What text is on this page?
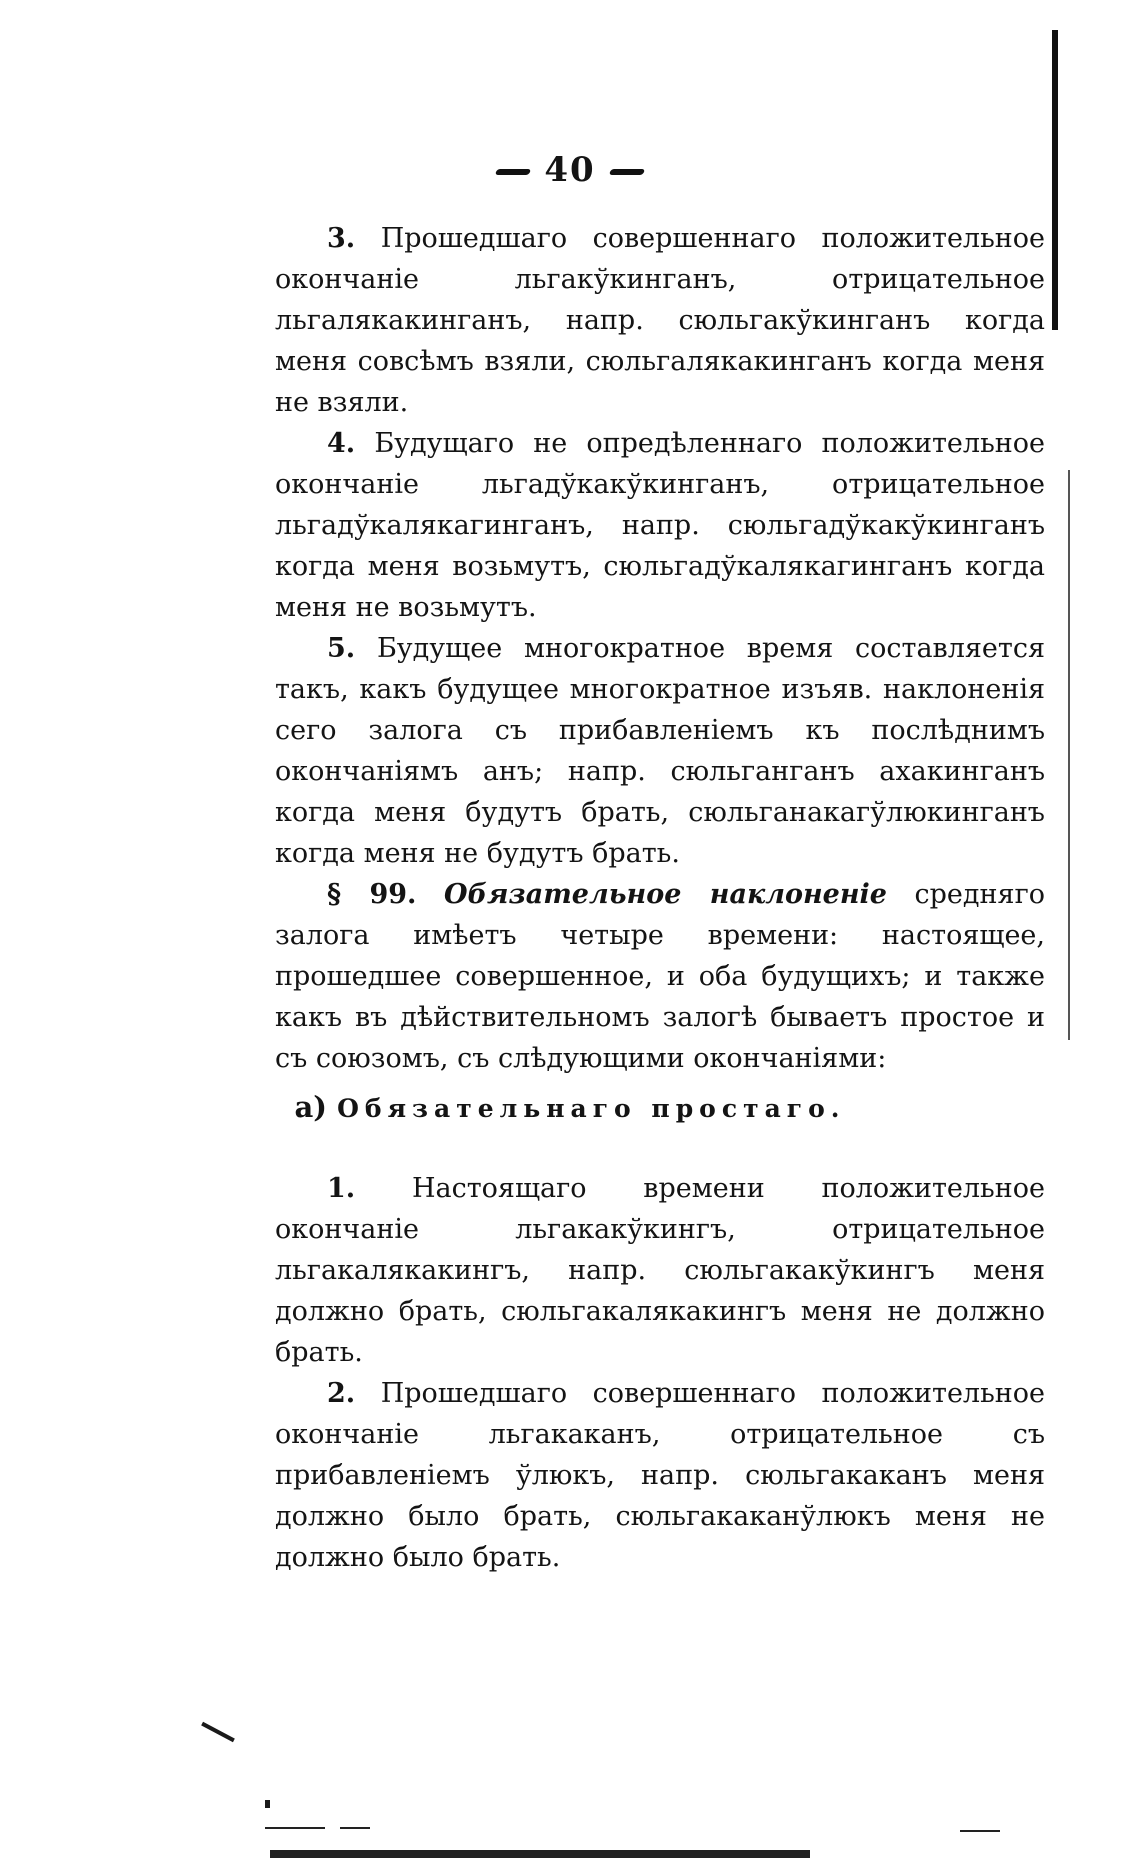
40

3. Прошедшаго совершеннаго положительное окончаніе льгакўкинганъ, отрицательное льгалякакинганъ, напр. сюльгакўкинганъ когда меня совсѣмъ взяли, сюльгалякакинганъ когда меня не взяли.

4. Будущаго не опредѣленнаго положительное окончаніе льгадўкакўкинганъ, отрицательное льгадўкалякагинганъ, напр. сюльгадўкакўкинганъ когда меня возьмутъ, сюльгадўкалякагинганъ когда меня не возьмутъ.

5. Будущее многократное время составляется такъ, какъ будущее многократное изъяв. наклоненія сего залога съ прибавленіемъ къ послѣднимъ окончаніямъ анъ; напр. сюльганганъ ахакинганъ когда меня будутъ брать, сюльганакагўлюкинганъ когда меня не будутъ брать.

§ 99. Обязательное наклоненіе средняго залога имѣетъ четыре времени: настоящее, прошедшее совершенное, и оба будущихъ; и также какъ въ дѣйствительномъ залогѣ бываетъ простое и съ союзомъ, съ слѣдующими окончаніями:

а) Обязательнаго простаго.

1. Настоящаго времени положительное окончаніе льгакакўкингъ, отрицательное льгакалякакингъ, напр. сюльгакакўкингъ меня должно брать, сюльгакалякакингъ меня не должно брать.

2. Прошедшаго совершеннаго положительное окончаніе льгакаканъ, отрицательное съ прибавленіемъ ўлюкъ, напр. сюльгакаканъ меня должно было брать, сюльгакаканўлюкъ меня не должно было брать.
